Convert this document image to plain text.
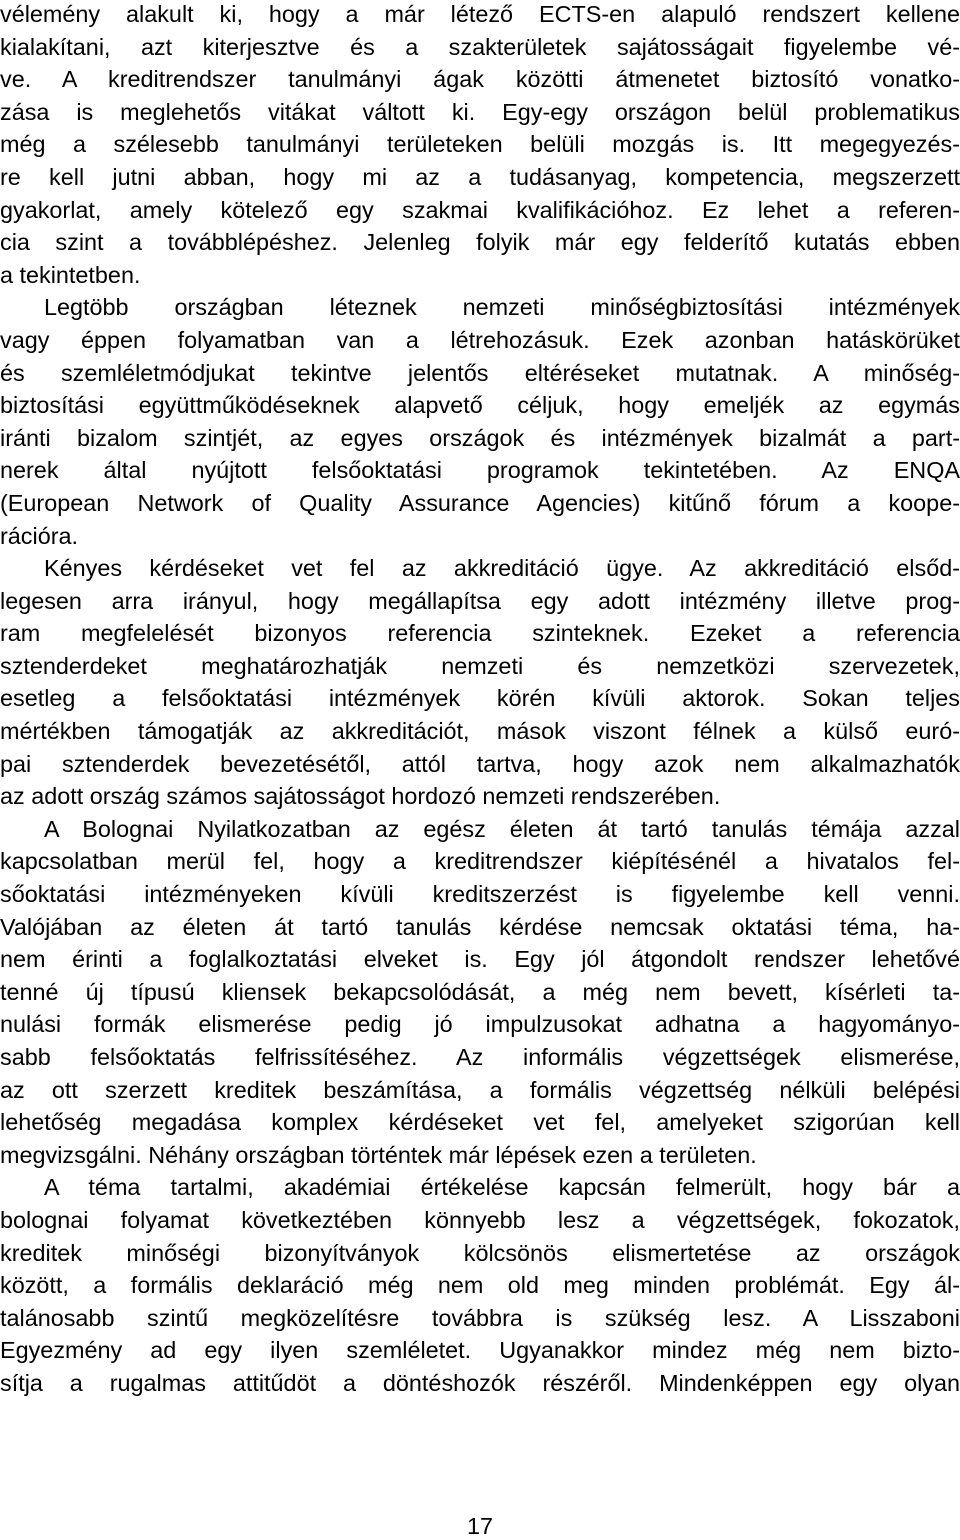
vélemény alakult ki, hogy a már létező ECTS-en alapuló rendszert kellene
kialakítani, azt kiterjesztve és a szakterületek sajátosságait figyelembe vé-
ve. A kreditrendszer tanulmányi ágak közötti átmenetet biztosító vonatko-
zása is meglehetős vitákat váltott ki. Egy-egy országon belül problematikus
még a szélesebb tanulmányi területeken belüli mozgás is. Itt megegyezés-
re kell jutni abban, hogy mi az a tudásanyag, kompetencia, megszerzett
gyakorlat, amely kötelező egy szakmai kvalifikációhoz. Ez lehet a referen-
cia szint a továbblépéshez. Jelenleg folyik már egy felderítő kutatás ebben
a tekintetben.
Legtöbb országban léteznek nemzeti minőségbiztosítási intézmények
vagy éppen folyamatban van a létrehozásuk. Ezek azonban hatáskörüket
és szemléletmódjukat tekintve jelentős eltéréseket mutatnak. A minőség-
biztosítási együttműködéseknek alapvető céljuk, hogy emeljék az egymás
iránti bizalom szintjét, az egyes országok és intézmények bizalmát a part-
nerek által nyújtott felsőoktatási programok tekintetében. Az ENQA
(European Network of Quality Assurance Agencies) kitűnő fórum a koope-
rációra.
Kényes kérdéseket vet fel az akkreditáció ügye. Az akkreditáció elsőd-
legesen arra irányul, hogy megállapítsa egy adott intézmény illetve prog-
ram megfelelését bizonyos referencia szinteknek. Ezeket a referencia
sztenderdeket meghatározhatják nemzeti és nemzetközi szervezetek,
esetleg a felsőoktatási intézmények körén kívüli aktorok. Sokan teljes
mértékben támogatják az akkreditációt, mások viszont félnek a külső euró-
pai sztenderdek bevezetésétől, attól tartva, hogy azok nem alkalmazhatók
az adott ország számos sajátosságot hordozó nemzeti rendszerében.
A Bolognai Nyilatkozatban az egész életen át tartó tanulás témája azzal
kapcsolatban merül fel, hogy a kreditrendszer kiépítésénél a hivatalos fel-
sőoktatási intézményeken kívüli kreditszerzést is figyelembe kell venni.
Valójában az életen át tartó tanulás kérdése nemcsak oktatási téma, ha-
nem érinti a foglalkoztatási elveket is. Egy jól átgondolt rendszer lehetővé
tenné új típusú kliensek bekapcsolódását, a még nem bevett, kísérleti ta-
nulási formák elismerése pedig jó impulzusokat adhatna a hagyományo-
sabb felsőoktatás felfrissítéséhez. Az informális végzettségek elismerése,
az ott szerzett kreditek beszámítása, a formális végzettség nélküli belépési
lehetőség megadása komplex kérdéseket vet fel, amelyeket szigorúan kell
megvizsgálni. Néhány országban történtek már lépések ezen a területen.
A téma tartalmi, akadémiai értékelése kapcsán felmerült, hogy bár a
bolognai folyamat következtében könnyebb lesz a végzettségek, fokozatok,
kreditek minőségi bizonyítványok kölcsönös elismertetése az országok
között, a formális deklaráció még nem old meg minden problémát. Egy ál-
talánosabb szintű megközelítésre továbbra is szükség lesz. A Lisszaboni
Egyezmény ad egy ilyen szemléletet. Ugyanakkor mindez még nem bizto-
sítja a rugalmas attitűdöt a döntéshozók részéről. Mindenképpen egy olyan
17
